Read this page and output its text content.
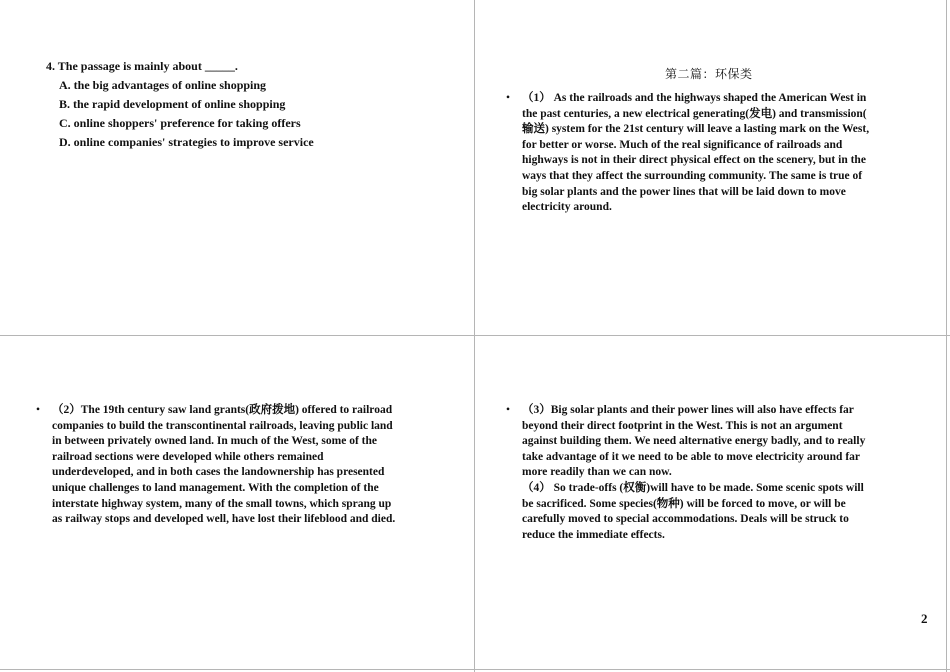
4. The passage is mainly about _____.
A. the big advantages of online shopping
B. the rapid development of online shopping
C. online shoppers' preference for taking offers
D. online companies' strategies to improve service
第二篇：环保类
• （1） As the railroads and the highways shaped the American West in
the past centuries, a new electrical generating(发电) and transmission(
输送) system for the 21st century will leave a lasting mark on the West,
for better or worse. Much of the real significance of railroads and
highways is not in their direct physical effect on the scenery, but in the
ways that they affect the surrounding community. The same is true of
big solar plants and the power lines that will be laid down to move
electricity around.
• （2）The 19th century saw land grants(政府拨地) offered to railroad
companies to build the transcontinental railroads, leaving public land
in between privately owned land. In much of the West, some of the
railroad sections were developed while others remained
underdeveloped, and in both cases the landownership has presented
unique challenges to land management. With the completion of the
interstate highway system, many of the small towns, which sprang up
as railway stops and developed well, have lost their lifeblood and died.
• （3）Big solar plants and their power lines will also have effects far
beyond their direct footprint in the West. This is not an argument
against building them. We need alternative energy badly, and to really
take advantage of it we need to be able to move electricity around far
more readily than we can now.
（4） So trade-offs (权衡)will have to be made. Some scenic spots will
be sacrificed. Some species(物种) will be forced to move, or will be
carefully moved to special accommodations. Deals will be struck to
reduce the immediate effects.
2
